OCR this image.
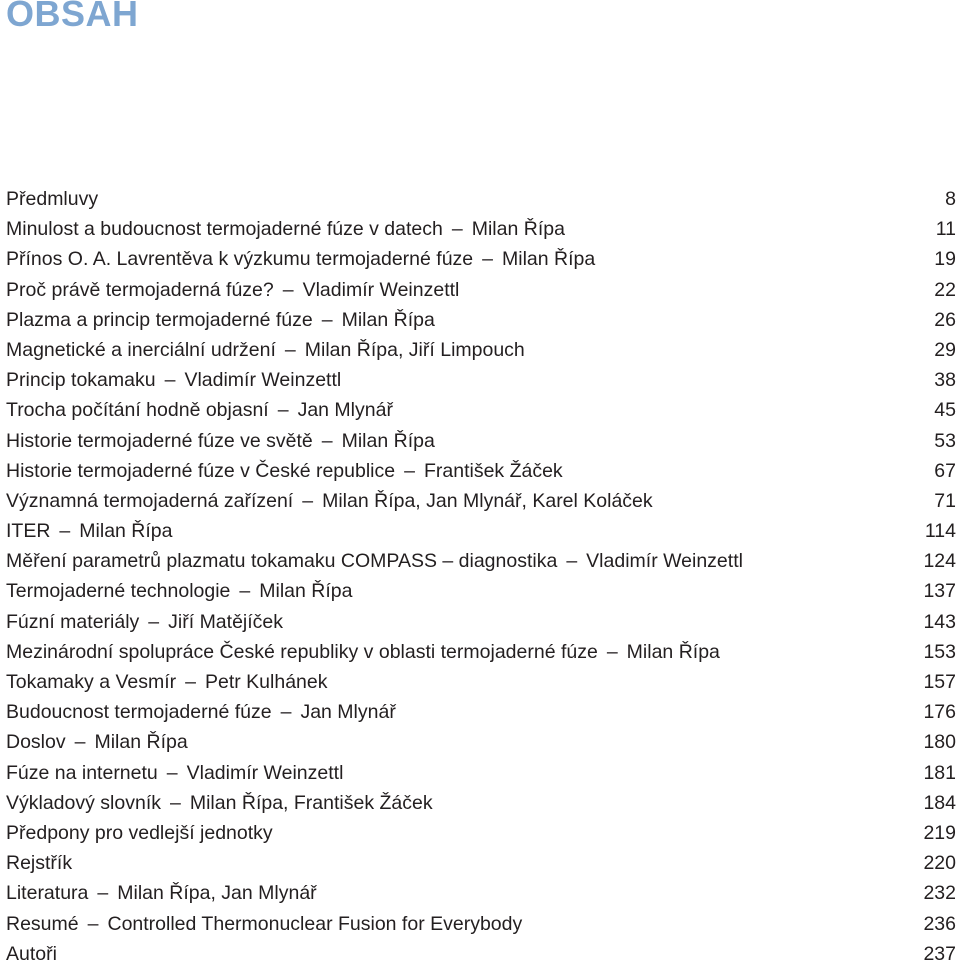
OBSAH
Předmluvy	8
Minulost a budoucnost termojaderné fúze v datech – Milan Řípa	11
Přínos O. A. Lavrentěva k výzkumu termojaderné fúze – Milan Řípa	19
Proč právě termojaderná fúze? – Vladimír Weinzettl	22
Plazma a princip termojaderné fúze – Milan Řípa	26
Magnetické a inerciální udržení – Milan Řípa, Jiří Limpouch	29
Princip tokamaku – Vladimír Weinzettl	38
Trocha počítání hodně objasní – Jan Mlynář	45
Historie termojaderné fúze ve světě – Milan Řípa	53
Historie termojaderné fúze v České republice – František Žáček	67
Významná termojaderná zařízení – Milan Řípa, Jan Mlynář, Karel Koláček	71
ITER – Milan Řípa	114
Měření parametrů plazmatu tokamaku COMPASS – diagnostika – Vladimír Weinzettl	124
Termojaderné technologie – Milan Řípa	137
Fúzní materiály – Jiří Matějíček	143
Mezinárodní spolupráce České republiky v oblasti termojaderné fúze – Milan Řípa	153
Tokamaky a Vesmír – Petr Kulhánek	157
Budoucnost termojaderné fúze – Jan Mlynář	176
Doslov – Milan Řípa	180
Fúze na internetu – Vladimír Weinzettl	181
Výkladový slovník – Milan Řípa, František Žáček	184
Předpony pro vedlejší jednotky	219
Rejstřík	220
Literatura – Milan Řípa, Jan Mlynář	232
Resumé – Controlled Thermonuclear Fusion for Everybody	236
Autoři	237
